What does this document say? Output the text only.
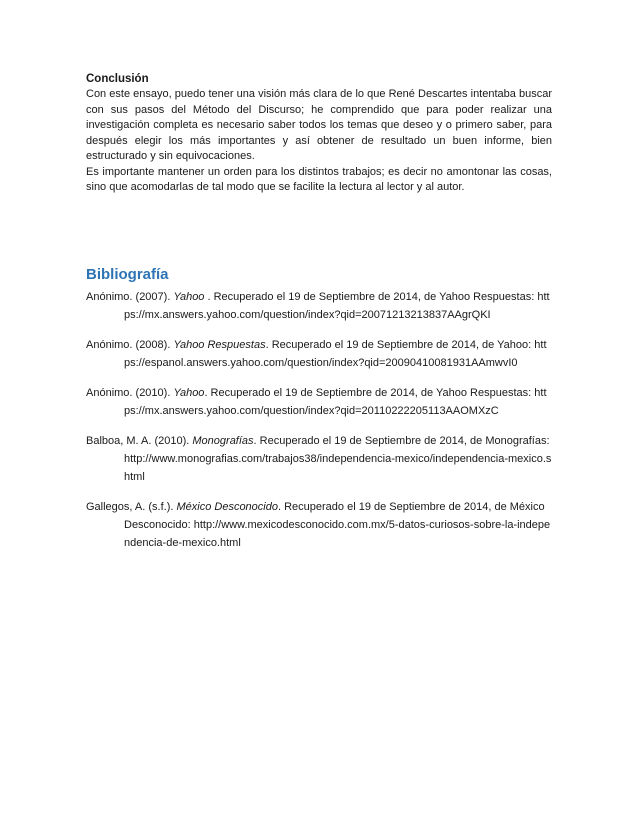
Conclusión

Con este ensayo, puedo tener una visión más clara de lo que René Descartes intentaba buscar con sus pasos del Método del Discurso; he comprendido que para poder realizar una investigación completa es necesario saber todos los temas que deseo y o primero saber, para después elegir los más importantes y así obtener de resultado un buen informe, bien estructurado y sin equivocaciones.

Es importante mantener un orden para los distintos trabajos; es decir no amontonar las cosas, sino que acomodarlas de tal modo que se facilite la lectura al lector y al autor.

Bibliografía

Anónimo. (2007). Yahoo . Recuperado el 19 de Septiembre de 2014, de Yahoo Respuestas: https://mx.answers.yahoo.com/question/index?qid=20071213213837AAgrQKI

Anónimo. (2008). Yahoo Respuestas. Recuperado el 19 de Septiembre de 2014, de Yahoo: https://espanol.answers.yahoo.com/question/index?qid=20090410081931AAmwvI0

Anónimo. (2010). Yahoo. Recuperado el 19 de Septiembre de 2014, de Yahoo Respuestas: https://mx.answers.yahoo.com/question/index?qid=20110222205113AAOMXzC

Balboa, M. A. (2010). Monografías. Recuperado el 19 de Septiembre de 2014, de Monografías: http://www.monografias.com/trabajos38/independencia-mexico/independencia-mexico.shtml

Gallegos, A. (s.f.). México Desconocido. Recuperado el 19 de Septiembre de 2014, de México Desconocido: http://www.mexicodesconocido.com.mx/5-datos-curiosos-sobre-la-independencia-de-mexico.html
